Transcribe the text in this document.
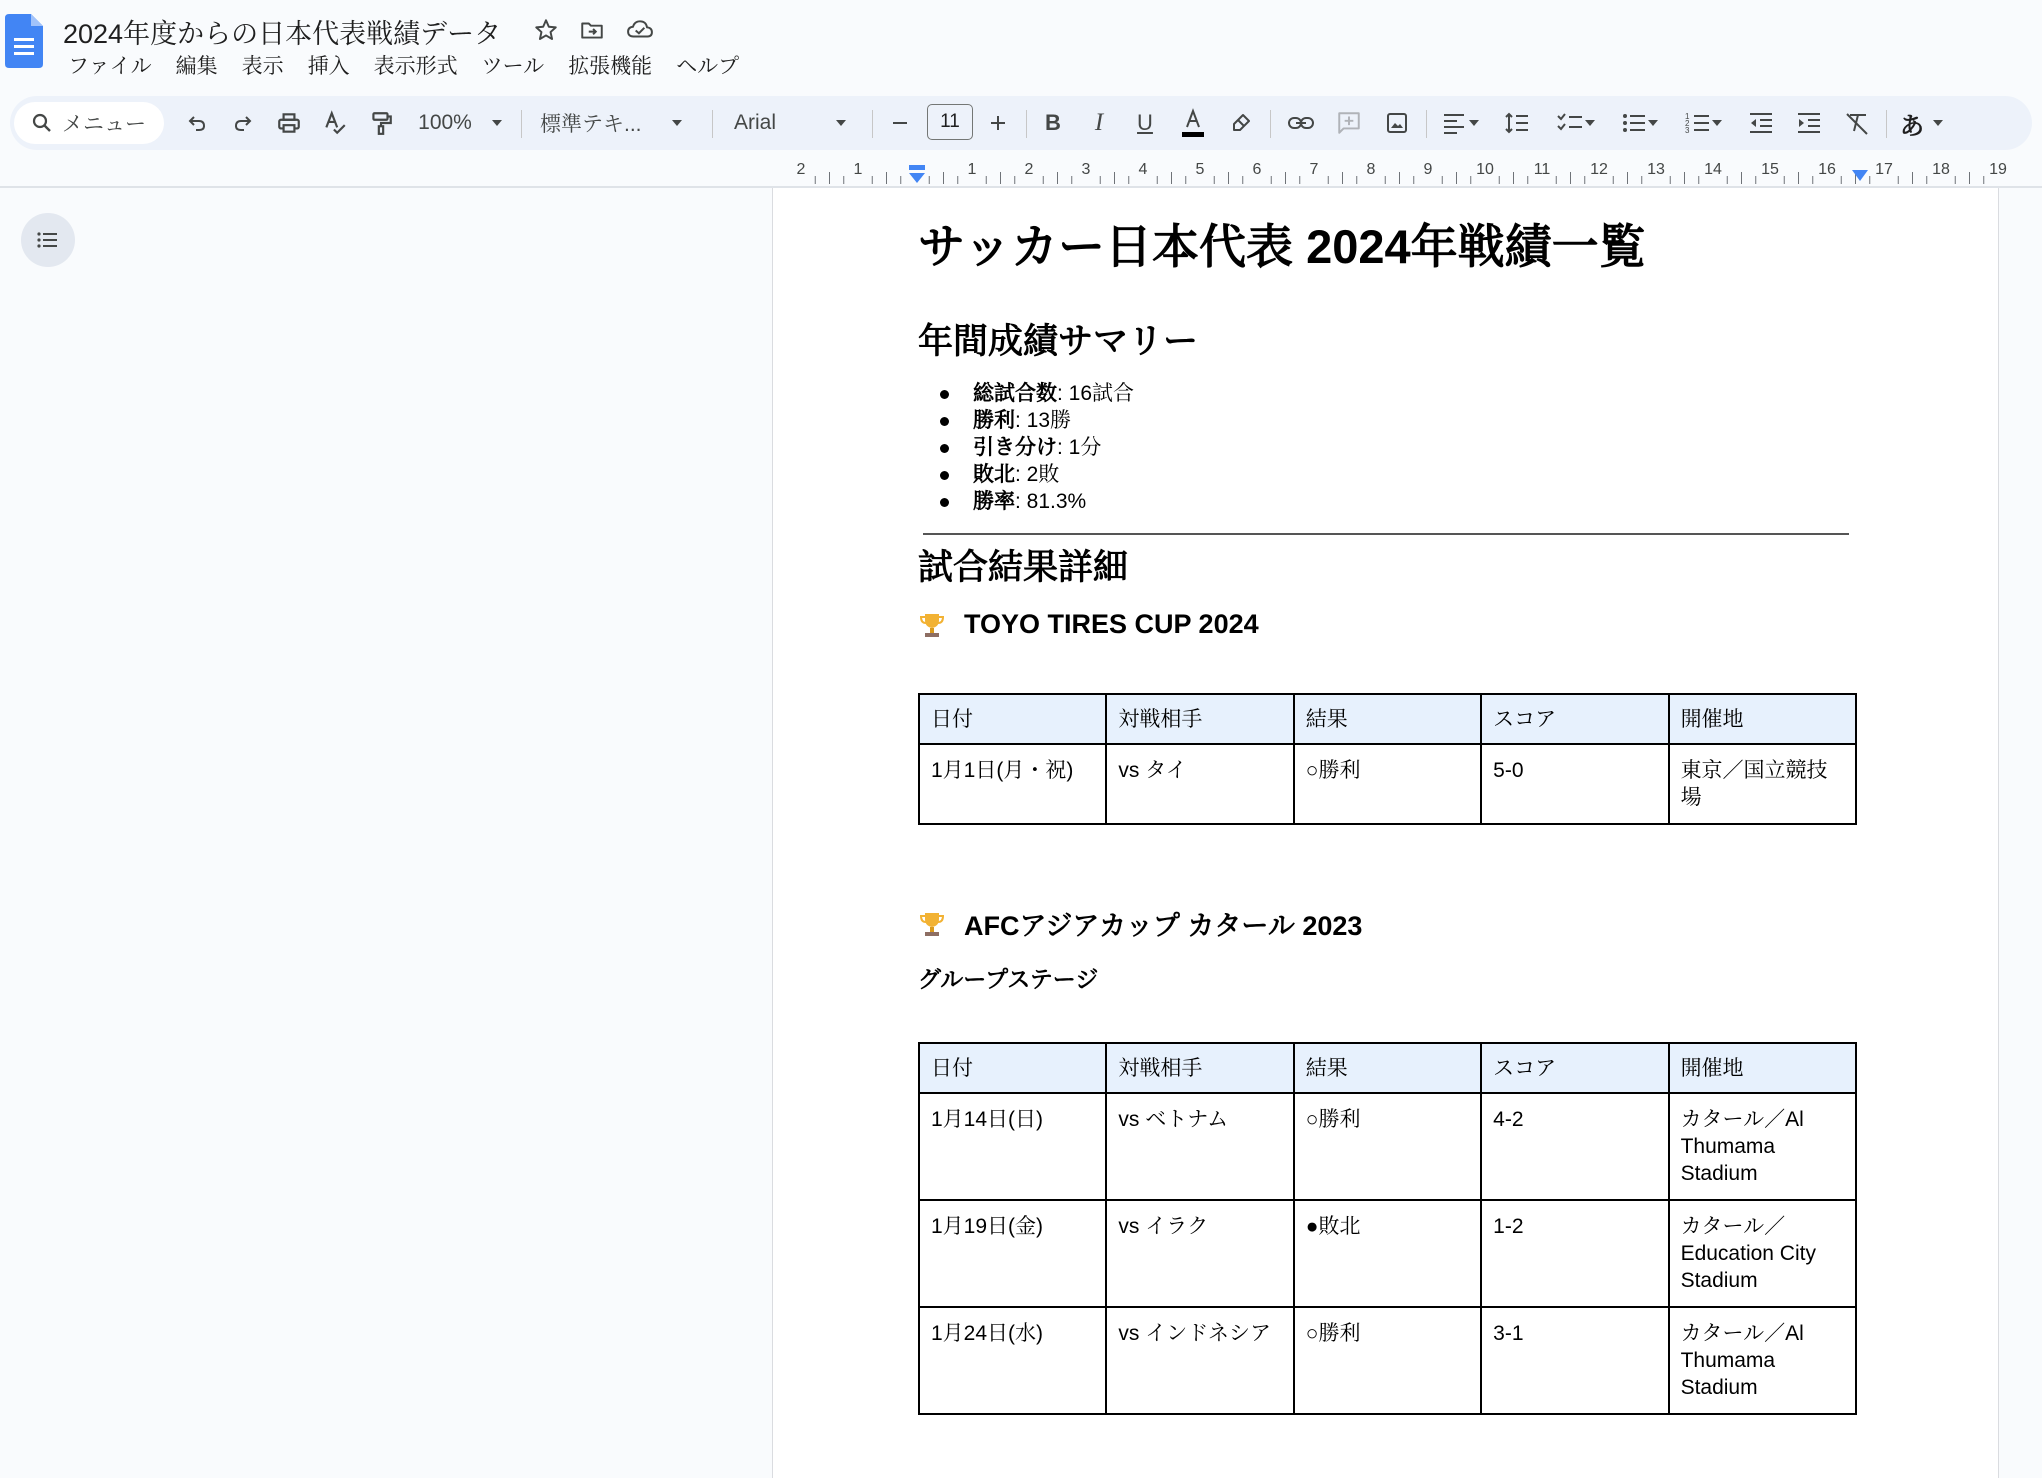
2024年度からの日本代表戦績データ
ファイル	編集	表示	挿入	表示形式	ツール	拡張機能	ヘルプ
メニュー	100%	標準テキ...	Arial	11	B I U	1
2
3	あ
2	1	1	2	3	4	5	6	7	8	9	10 11 12 13 14 15 16 17 18 19
サッカー日本代表 2024年戦績一覧
年間成績サマリー
総試合数: 16試合
勝利: 13勝
引き分け: 1分
敗北: 2敗
勝率: 81.3%
試合結果詳細
TOYO TIRES CUP 2024
日付	対戦相手	結果	スコア	開催地
1月1日(月・祝)	vs タイ	○勝利	5-0	東京／国立競技場
AFCアジアカップ カタール 2023
グループステージ
日付	対戦相手	結果	スコア	開催地
1月14日(日)	vs ベトナム	○勝利	4-2	カタール／Al Thumama Stadium
1月19日(金)	vs イラク	●敗北	1-2	カタール／Education City Stadium
1月24日(水)	vs インドネシア	○勝利	3-1	カタール／Al Thumama Stadium
